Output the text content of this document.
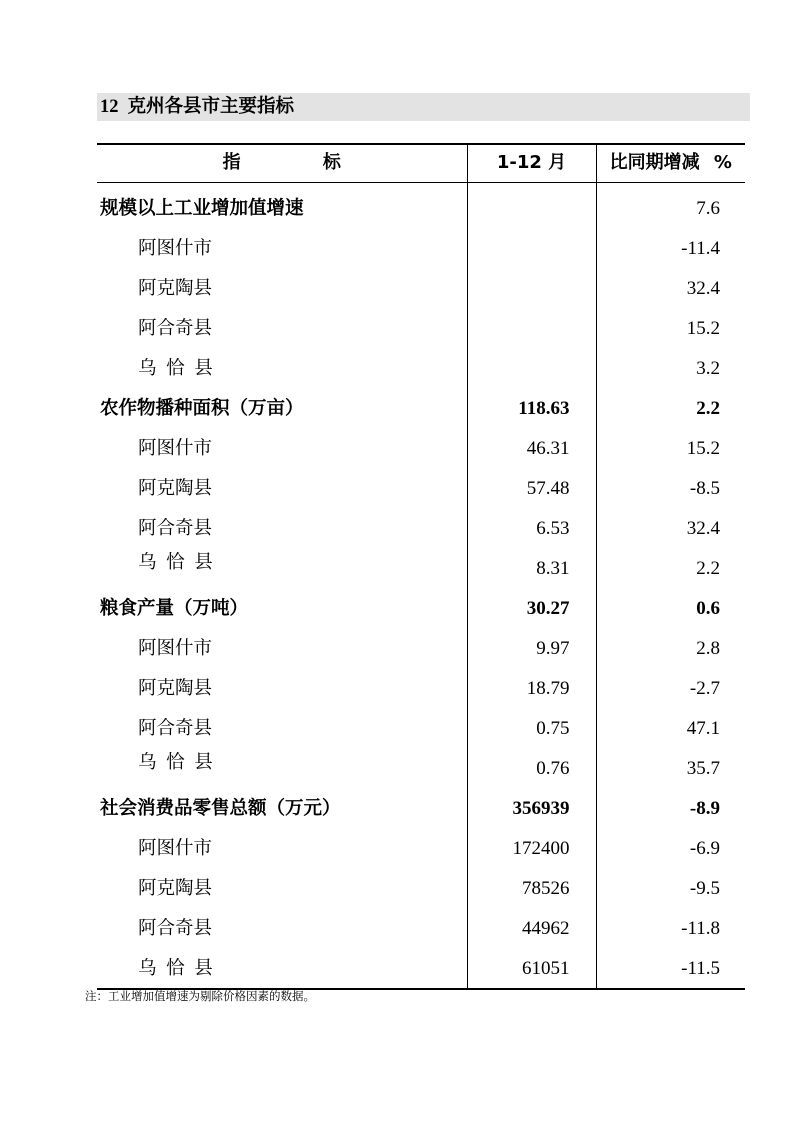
12 克州各县市主要指标
指 标	1-12 月	比同期增减 %
规模以上工业增加值增速		7.6
阿图什市		-11.4
阿克陶县		32.4
阿合奇县		15.2
乌 恰 县		3.2
农作物播种面积（万亩）	118.63	2.2
阿图什市	46.31	15.2
阿克陶县	57.48	-8.5
阿合奇县	6.53	32.4
乌 恰 县	8.31	2.2
粮食产量（万吨）	30.27	0.6
阿图什市	9.97	2.8
阿克陶县	18.79	-2.7
阿合奇县	0.75	47.1
乌 恰 县	0.76	35.7
社会消费品零售总额（万元）	356939	-8.9
阿图什市	172400	-6.9
阿克陶县	78526	-9.5
阿合奇县	44962	-11.8
乌 恰 县	61051	-11.5
注：工业增加值增速为剔除价格因素的数据。
